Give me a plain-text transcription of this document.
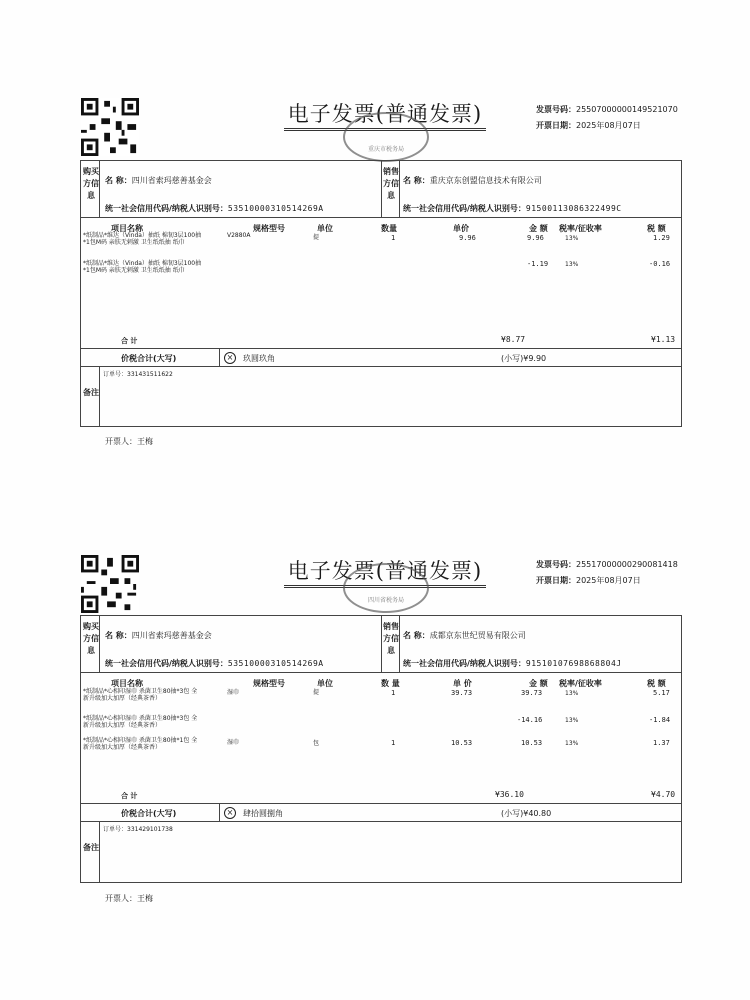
电子发票(普通发票)
重庆市税务局
发票号码：25507000000149521070
开票日期：2025年08月07日
购买方信息
名 称：四川省索玛慈善基金会
统一社会信用代码/纳税人识别号：53510000310514269A
销售方信息
名 称：重庆京东创盟信息技术有限公司
统一社会信用代码/纳税人识别号：91500113086322499C
项目名称	规格型号	单位	数量	单价	金 额 税率/征收率	税 额
*纸制品*维达（Vinda）抽纸 棉韧3层100抽
*1包M码 亲肤无刺激 卫生纸纸抽 纸巾
V2880A	提	1	9.96	9.96	13%	1.29
*纸制品*维达（Vinda）抽纸 棉韧3层100抽
*1包M码 亲肤无刺激 卫生纸纸抽 纸巾
-1.19	13%	-0.16
合 计	¥8.77	¥1.13
价税合计(大写)	×	玖圆玖角	(小写)¥9.90
备注
订单号：331431511622
开票人：王梅
电子发票(普通发票)
四川省税务局
发票号码：25517000000290081418
开票日期：2025年08月07日
购买方信息
名 称：四川省索玛慈善基金会
统一社会信用代码/纳税人识别号：53510000310514269A
销售方信息
名 称：成都京东世纪贸易有限公司
统一社会信用代码/纳税人识别号：91510107698868804J
项目名称	规格型号	单位	数 量	单 价	金 额 税率/征收率	税 额
*纸制品*心相印湿巾 杀菌卫生80抽*3包 全
新升级加大加厚（经典茶香）
湿巾	提	1	39.73	39.73	13%	5.17
*纸制品*心相印湿巾 杀菌卫生80抽*3包 全
新升级加大加厚（经典茶香）
-14.16	13%	-1.84
*纸制品*心相印湿巾 杀菌卫生80抽*1包 全
新升级加大加厚（经典茶香）
湿巾	包	1	10.53	10.53	13%	1.37
合 计	¥36.10	¥4.70
价税合计(大写)	×	肆拾圆捌角	(小写)¥40.80
备注
订单号：331429101738
开票人：王梅
